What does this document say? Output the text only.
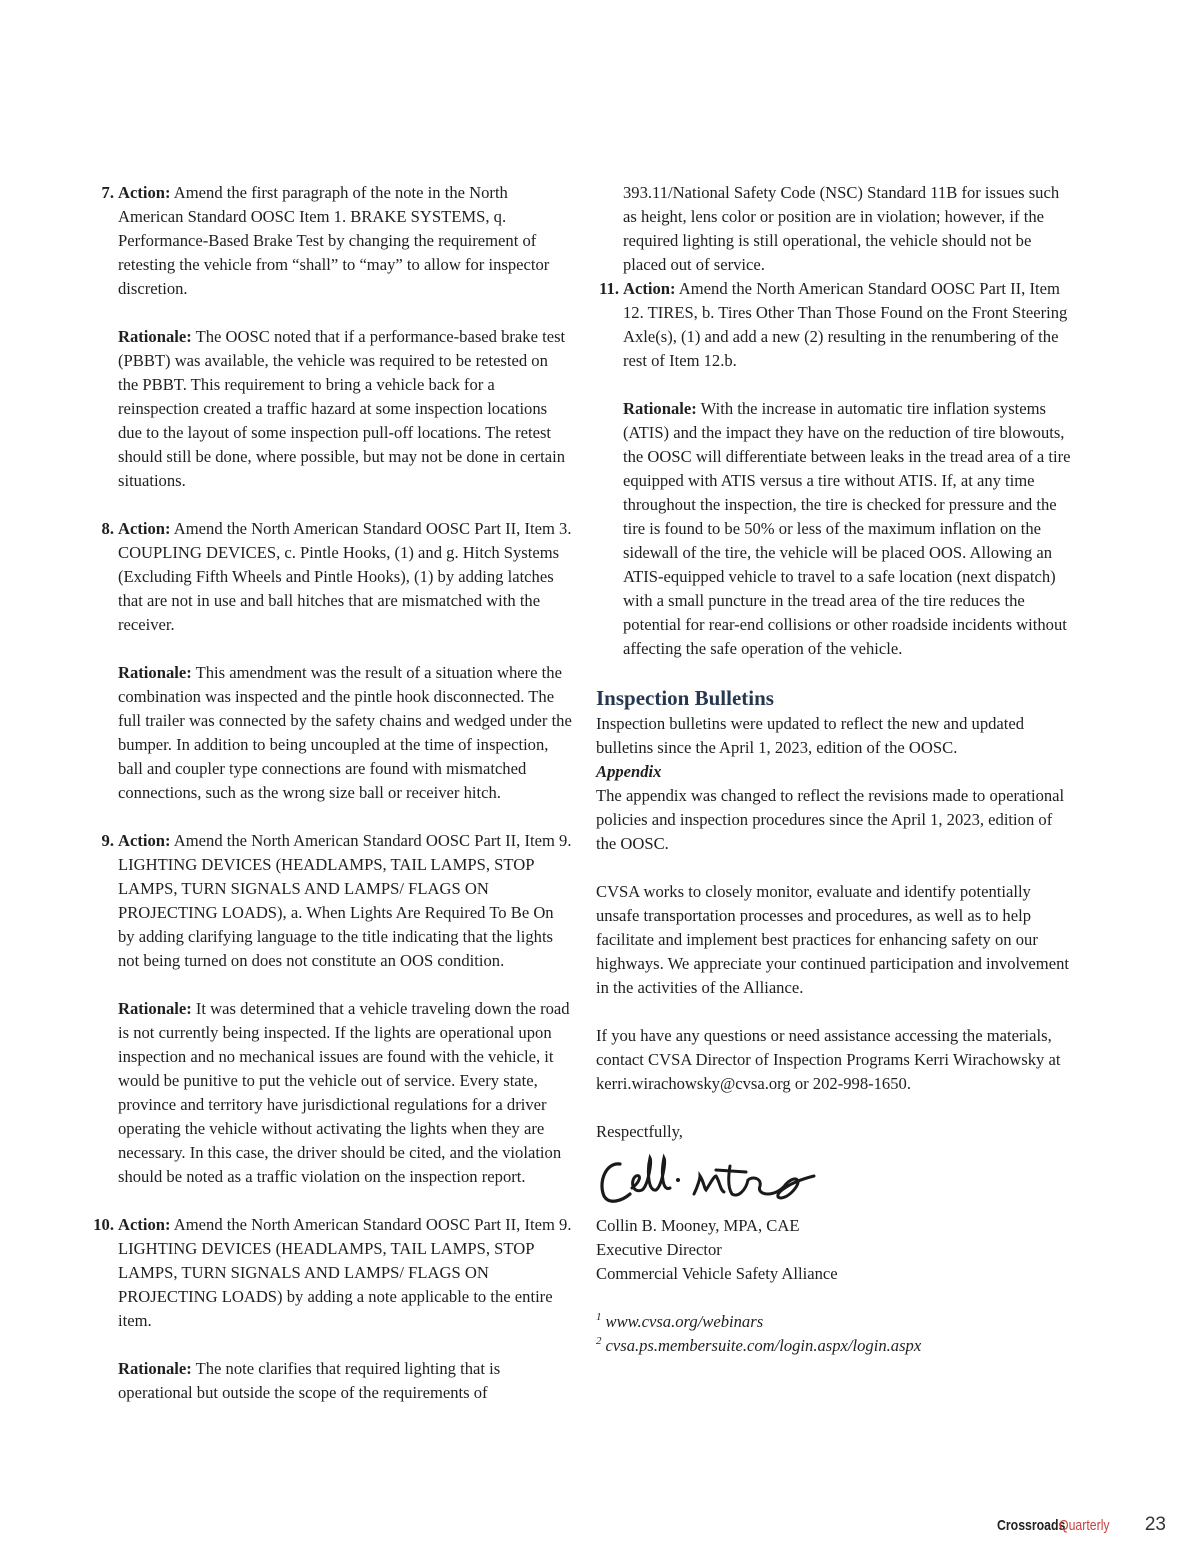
7. Action: Amend the first paragraph of the note in the North American Standard OOSC Item 1. BRAKE SYSTEMS, q. Performance-Based Brake Test by changing the requirement of retesting the vehicle from “shall” to “may” to allow for inspector discretion.

Rationale: The OOSC noted that if a performance-based brake test (PBBT) was available, the vehicle was required to be retested on the PBBT. This requirement to bring a vehicle back for a reinspection created a traffic hazard at some inspection locations due to the layout of some inspection pull-off locations. The retest should still be done, where possible, but may not be done in certain situations.

8. Action: Amend the North American Standard OOSC Part II, Item 3. COUPLING DEVICES, c. Pintle Hooks, (1) and g. Hitch Systems (Excluding Fifth Wheels and Pintle Hooks), (1) by adding latches that are not in use and ball hitches that are mismatched with the receiver.

Rationale: This amendment was the result of a situation where the combination was inspected and the pintle hook disconnected. The full trailer was connected by the safety chains and wedged under the bumper. In addition to being uncoupled at the time of inspection, ball and coupler type connections are found with mismatched connections, such as the wrong size ball or receiver hitch.

9. Action: Amend the North American Standard OOSC Part II, Item 9. LIGHTING DEVICES (HEADLAMPS, TAIL LAMPS, STOP LAMPS, TURN SIGNALS AND LAMPS/ FLAGS ON PROJECTING LOADS), a. When Lights Are Required To Be On by adding clarifying language to the title indicating that the lights not being turned on does not constitute an OOS condition.

Rationale: It was determined that a vehicle traveling down the road is not currently being inspected. If the lights are operational upon inspection and no mechanical issues are found with the vehicle, it would be punitive to put the vehicle out of service. Every state, province and territory have jurisdictional regulations for a driver operating the vehicle without activating the lights when they are necessary. In this case, the driver should be cited, and the violation should be noted as a traffic violation on the inspection report.

10. Action: Amend the North American Standard OOSC Part II, Item 9. LIGHTING DEVICES (HEADLAMPS, TAIL LAMPS, STOP LAMPS, TURN SIGNALS AND LAMPS/ FLAGS ON PROJECTING LOADS) by adding a note applicable to the entire item.

Rationale: The note clarifies that required lighting that is operational but outside the scope of the requirements of

393.11/National Safety Code (NSC) Standard 11B for issues such as height, lens color or position are in violation; however, if the required lighting is still operational, the vehicle should not be placed out of service.

11. Action: Amend the North American Standard OOSC Part II, Item 12. TIRES, b. Tires Other Than Those Found on the Front Steering Axle(s), (1) and add a new (2) resulting in the renumbering of the rest of Item 12.b.

Rationale: With the increase in automatic tire inflation systems (ATIS) and the impact they have on the reduction of tire blowouts, the OOSC will differentiate between leaks in the tread area of a tire equipped with ATIS versus a tire without ATIS. If, at any time throughout the inspection, the tire is checked for pressure and the tire is found to be 50% or less of the maximum inflation on the sidewall of the tire, the vehicle will be placed OOS. Allowing an ATIS-equipped vehicle to travel to a safe location (next dispatch) with a small puncture in the tread area of the tire reduces the potential for rear-end collisions or other roadside incidents without affecting the safe operation of the vehicle.

Inspection Bulletins

Inspection bulletins were updated to reflect the new and updated bulletins since the April 1, 2023, edition of the OOSC.

Appendix

The appendix was changed to reflect the revisions made to operational policies and inspection procedures since the April 1, 2023, edition of the OOSC.

CVSA works to closely monitor, evaluate and identify potentially unsafe transportation processes and procedures, as well as to help facilitate and implement best practices for enhancing safety on our highways. We appreciate your continued participation and involvement in the activities of the Alliance.

If you have any questions or need assistance accessing the materials, contact CVSA Director of Inspection Programs Kerri Wirachowsky at kerri.wirachowsky@cvsa.org or 202-998-1650.

Respectfully,

Collin B. Mooney, MPA, CAE

Executive Director

Commercial Vehicle Safety Alliance

$^1$ www.cvsa.org/webinars

$^2$ cvsa.ps.membersuite.com/login.aspx/login.aspx

Crossroads
Quarterly 23
